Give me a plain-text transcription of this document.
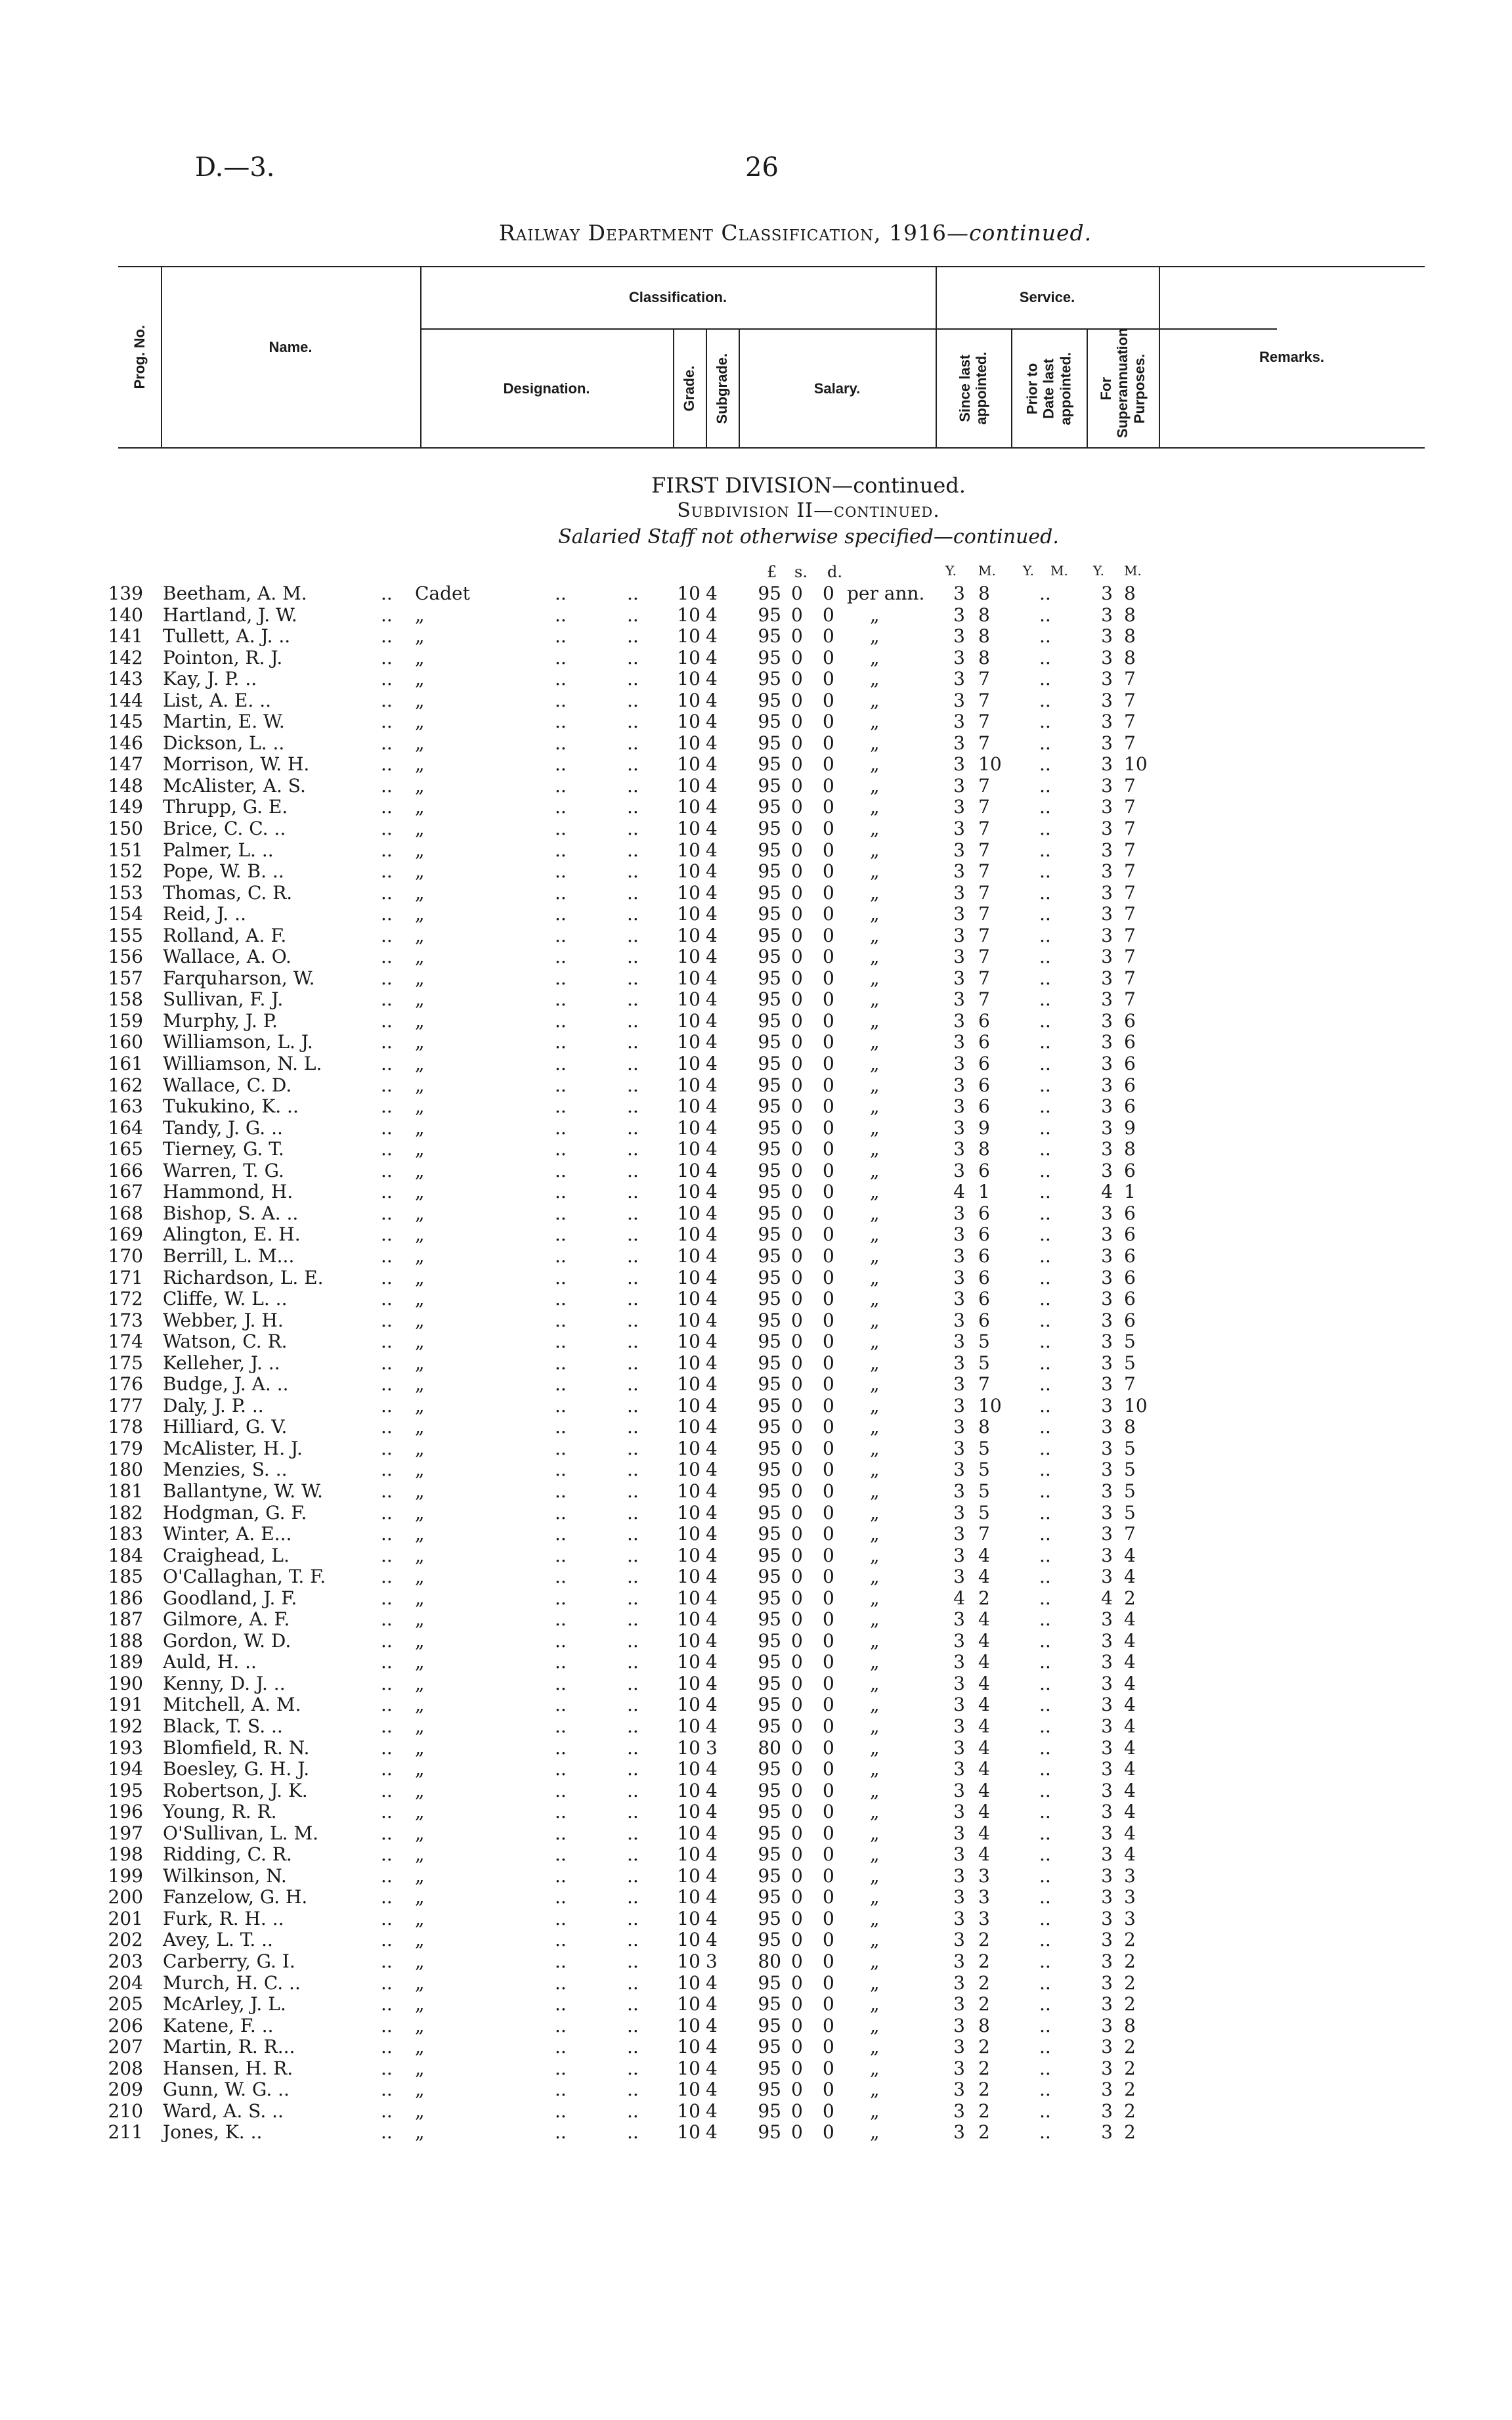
D.—3.	26
Railway Department Classification, 1916—continued.
Prog. No.	Name.
Classification.	Service.
Designation.	Grade. Subgrade.	Salary.	Since last appointed. Prior to Date last appointed. For Superannuation Purposes.	Remarks.
FIRST DIVISION—continued.
Subdivision II—continued.
Salaried Staff not otherwise specified—continued.
£ s. d.	Y. M. Y. M. Y. M.
139 Beetham, A. M.	.. Cadet	..	.. 10 4	95 0 0 per ann.	3 8	..	3 8
140 Hartland, J. W.	.. „	..	.. 10 4	95 0 0 „	3 8	..	3 8
141 Tullett, A. J. ..	.. „	..	.. 10 4	95 0 0 „	3 8	..	3 8
142 Pointon, R. J.	.. „	..	.. 10 4	95 0 0 „	3 8	..	3 8
143 Kay, J. P. ..	.. „	..	.. 10 4	95 0 0 „	3 7	..	3 7
144 List, A. E. ..	.. „	..	.. 10 4	95 0 0 „	3 7	..	3 7
145 Martin, E. W.	.. „	..	.. 10 4	95 0 0 „	3 7	..	3 7
146 Dickson, L. ..	.. „	..	.. 10 4	95 0 0 „	3 7	..	3 7
147 Morrison, W. H.	.. „	..	.. 10 4	95 0 0 „	3 10 ..	3 10
148 McAlister, A. S.	.. „	..	.. 10 4	95 0 0 „	3 7	..	3 7
149 Thrupp, G. E.	.. „	..	.. 10 4	95 0 0 „	3 7	..	3 7
150 Brice, C. C. ..	.. „	..	.. 10 4	95 0 0 „	3 7	..	3 7
151 Palmer, L. ..	.. „	..	.. 10 4	95 0 0 „	3 7	..	3 7
152 Pope, W. B. ..	.. „	..	.. 10 4	95 0 0 „	3 7	..	3 7
153 Thomas, C. R.	.. „	..	.. 10 4	95 0 0 „	3 7	..	3 7
154 Reid, J. ..	.. „	..	.. 10 4	95 0 0 „	3 7	..	3 7
155 Rolland, A. F.	.. „	..	.. 10 4	95 0 0 „	3 7	..	3 7
156 Wallace, A. O.	.. „	..	.. 10 4	95 0 0 „	3 7	..	3 7
157 Farquharson, W.	.. „	..	.. 10 4	95 0 0 „	3 7	..	3 7
158 Sullivan, F. J.	.. „	..	.. 10 4	95 0 0 „	3 7	..	3 7
159 Murphy, J. P.	.. „	..	.. 10 4	95 0 0 „	3 6	..	3 6
160 Williamson, L. J.	.. „	..	.. 10 4	95 0 0 „	3 6	..	3 6
161 Williamson, N. L.	.. „	..	.. 10 4	95 0 0 „	3 6	..	3 6
162 Wallace, C. D.	.. „	..	.. 10 4	95 0 0 „	3 6	..	3 6
163 Tukukino, K. ..	.. „	..	.. 10 4	95 0 0 „	3 6	..	3 6
164 Tandy, J. G. ..	.. „	..	.. 10 4	95 0 0 „	3 9	..	3 9
165 Tierney, G. T.	.. „	..	.. 10 4	95 0 0 „	3 8	..	3 8
166 Warren, T. G.	.. „	..	.. 10 4	95 0 0 „	3 6	..	3 6
167 Hammond, H.	.. „	..	.. 10 4	95 0 0 „	4 1	..	4 1
168 Bishop, S. A. ..	.. „	..	.. 10 4	95 0 0 „	3 6	..	3 6
169 Alington, E. H.	.. „	..	.. 10 4	95 0 0 „	3 6	..	3 6
170 Berrill, L. M...	.. „	..	.. 10 4	95 0 0 „	3 6	..	3 6
171 Richardson, L. E.	.. „	..	.. 10 4	95 0 0 „	3 6	..	3 6
172 Cliffe, W. L. ..	.. „	..	.. 10 4	95 0 0 „	3 6	..	3 6
173 Webber, J. H.	.. „	..	.. 10 4	95 0 0 „	3 6	..	3 6
174 Watson, C. R.	.. „	..	.. 10 4	95 0 0 „	3 5	..	3 5
175 Kelleher, J. ..	.. „	..	.. 10 4	95 0 0 „	3 5	..	3 5
176 Budge, J. A. ..	.. „	..	.. 10 4	95 0 0 „	3 7	..	3 7
177 Daly, J. P. ..	.. „	..	.. 10 4	95 0 0 „	3 10 ..	3 10
178 Hilliard, G. V.	.. „	..	.. 10 4	95 0 0 „	3 8	..	3 8
179 McAlister, H. J.	.. „	..	.. 10 4	95 0 0 „	3 5	..	3 5
180 Menzies, S. ..	.. „	..	.. 10 4	95 0 0 „	3 5	..	3 5
181 Ballantyne, W. W.	.. „	..	.. 10 4	95 0 0 „	3 5	..	3 5
182 Hodgman, G. F.	.. „	..	.. 10 4	95 0 0 „	3 5	..	3 5
183 Winter, A. E...	.. „	..	.. 10 4	95 0 0 „	3 7	..	3 7
184 Craighead, L.	.. „	..	.. 10 4	95 0 0 „	3 4	..	3 4
185 O'Callaghan, T. F.	.. „	..	.. 10 4	95 0 0 „	3 4	..	3 4
186 Goodland, J. F.	.. „	..	.. 10 4	95 0 0 „	4 2	..	4 2
187 Gilmore, A. F.	.. „	..	.. 10 4	95 0 0 „	3 4	..	3 4
188 Gordon, W. D.	.. „	..	.. 10 4	95 0 0 „	3 4	..	3 4
189 Auld, H. ..	.. „	..	.. 10 4	95 0 0 „	3 4	..	3 4
190 Kenny, D. J. ..	.. „	..	.. 10 4	95 0 0 „	3 4	..	3 4
191 Mitchell, A. M.	.. „	..	.. 10 4	95 0 0 „	3 4	..	3 4
192 Black, T. S. ..	.. „	..	.. 10 4	95 0 0 „	3 4	..	3 4
193 Blomfield, R. N.	.. „	..	.. 10 3	80 0 0 „	3 4	..	3 4
194 Boesley, G. H. J.	.. „	..	.. 10 4	95 0 0 „	3 4	..	3 4
195 Robertson, J. K.	.. „	..	.. 10 4	95 0 0 „	3 4	..	3 4
196 Young, R. R.	.. „	..	.. 10 4	95 0 0 „	3 4	..	3 4
197 O'Sullivan, L. M.	.. „	..	.. 10 4	95 0 0 „	3 4	..	3 4
198 Ridding, C. R.	.. „	..	.. 10 4	95 0 0 „	3 4	..	3 4
199 Wilkinson, N.	.. „	..	.. 10 4	95 0 0 „	3 3	..	3 3
200 Fanzelow, G. H.	.. „	..	.. 10 4	95 0 0 „	3 3	..	3 3
201 Furk, R. H. ..	.. „	..	.. 10 4	95 0 0 „	3 3	..	3 3
202 Avey, L. T. ..	.. „	..	.. 10 4	95 0 0 „	3 2	..	3 2
203 Carberry, G. I.	.. „	..	.. 10 3	80 0 0 „	3 2	..	3 2
204 Murch, H. C. ..	.. „	..	.. 10 4	95 0 0 „	3 2	..	3 2
205 McArley, J. L.	.. „	..	.. 10 4	95 0 0 „	3 2	..	3 2
206 Katene, F. ..	.. „	..	.. 10 4	95 0 0 „	3 8	..	3 8
207 Martin, R. R...	.. „	..	.. 10 4	95 0 0 „	3 2	..	3 2
208 Hansen, H. R.	.. „	..	.. 10 4	95 0 0 „	3 2	..	3 2
209 Gunn, W. G. ..	.. „	..	.. 10 4	95 0 0 „	3 2	..	3 2
210 Ward, A. S. ..	.. „	..	.. 10 4	95 0 0 „	3 2	..	3 2
211 Jones, K. ..	.. „	..	.. 10 4	95 0 0 „	3 2	..	3 2
